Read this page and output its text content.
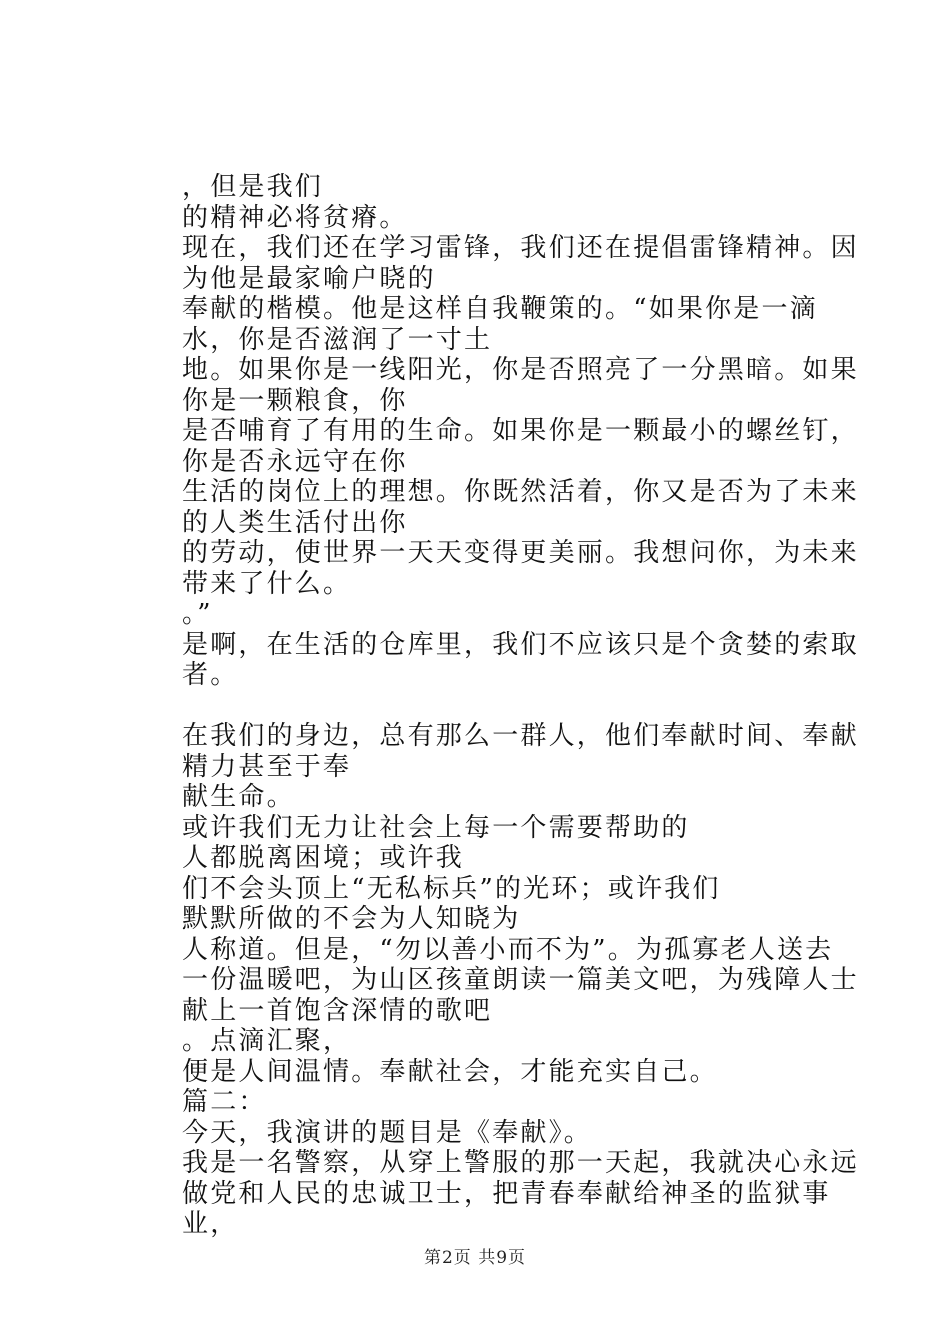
，但是我们

的精神必将贫瘠。

现在，我们还在学习雷锋，我们还在提倡雷锋精神。因为他是最家喻户晓的

奉献的楷模。他是这样自我鞭策的。“如果你是一滴水，你是否滋润了一寸土

地。如果你是一线阳光，你是否照亮了一分黑暗。如果你是一颗粮食，你

是否哺育了有用的生命。如果你是一颗最小的螺丝钉，你是否永远守在你

生活的岗位上的理想。你既然活着，你又是否为了未来的人类生活付出你

的劳动，使世界一天天变得更美丽。我想问你，为未来带来了什么。

。”

是啊，在生活的仓库里，我们不应该只是个贪婪的索取者。

在我们的身边，总有那么一群人，他们奉献时间、奉献精力甚至于奉

献生命。

或许我们无力让社会上每一个需要帮助的

人都脱离困境；或许我

们不会头顶上“无私标兵”的光环；或许我们

默默所做的不会为人知晓为

人称道。但是，“勿以善小而不为”。为孤寡老人送去一份温暖吧，为山区孩童朗读一篇美文吧，为残障人士献上一首饱含深情的歌吧

。点滴汇聚，

便是人间温情。奉献社会，才能充实自己。

篇二：

今天，我演讲的题目是《奉献》。

我是一名警察，从穿上警服的那一天起，我就决心永远

做党和人民的忠诚卫士，把青春奉献给神圣的监狱事业，

第2页 共9页
